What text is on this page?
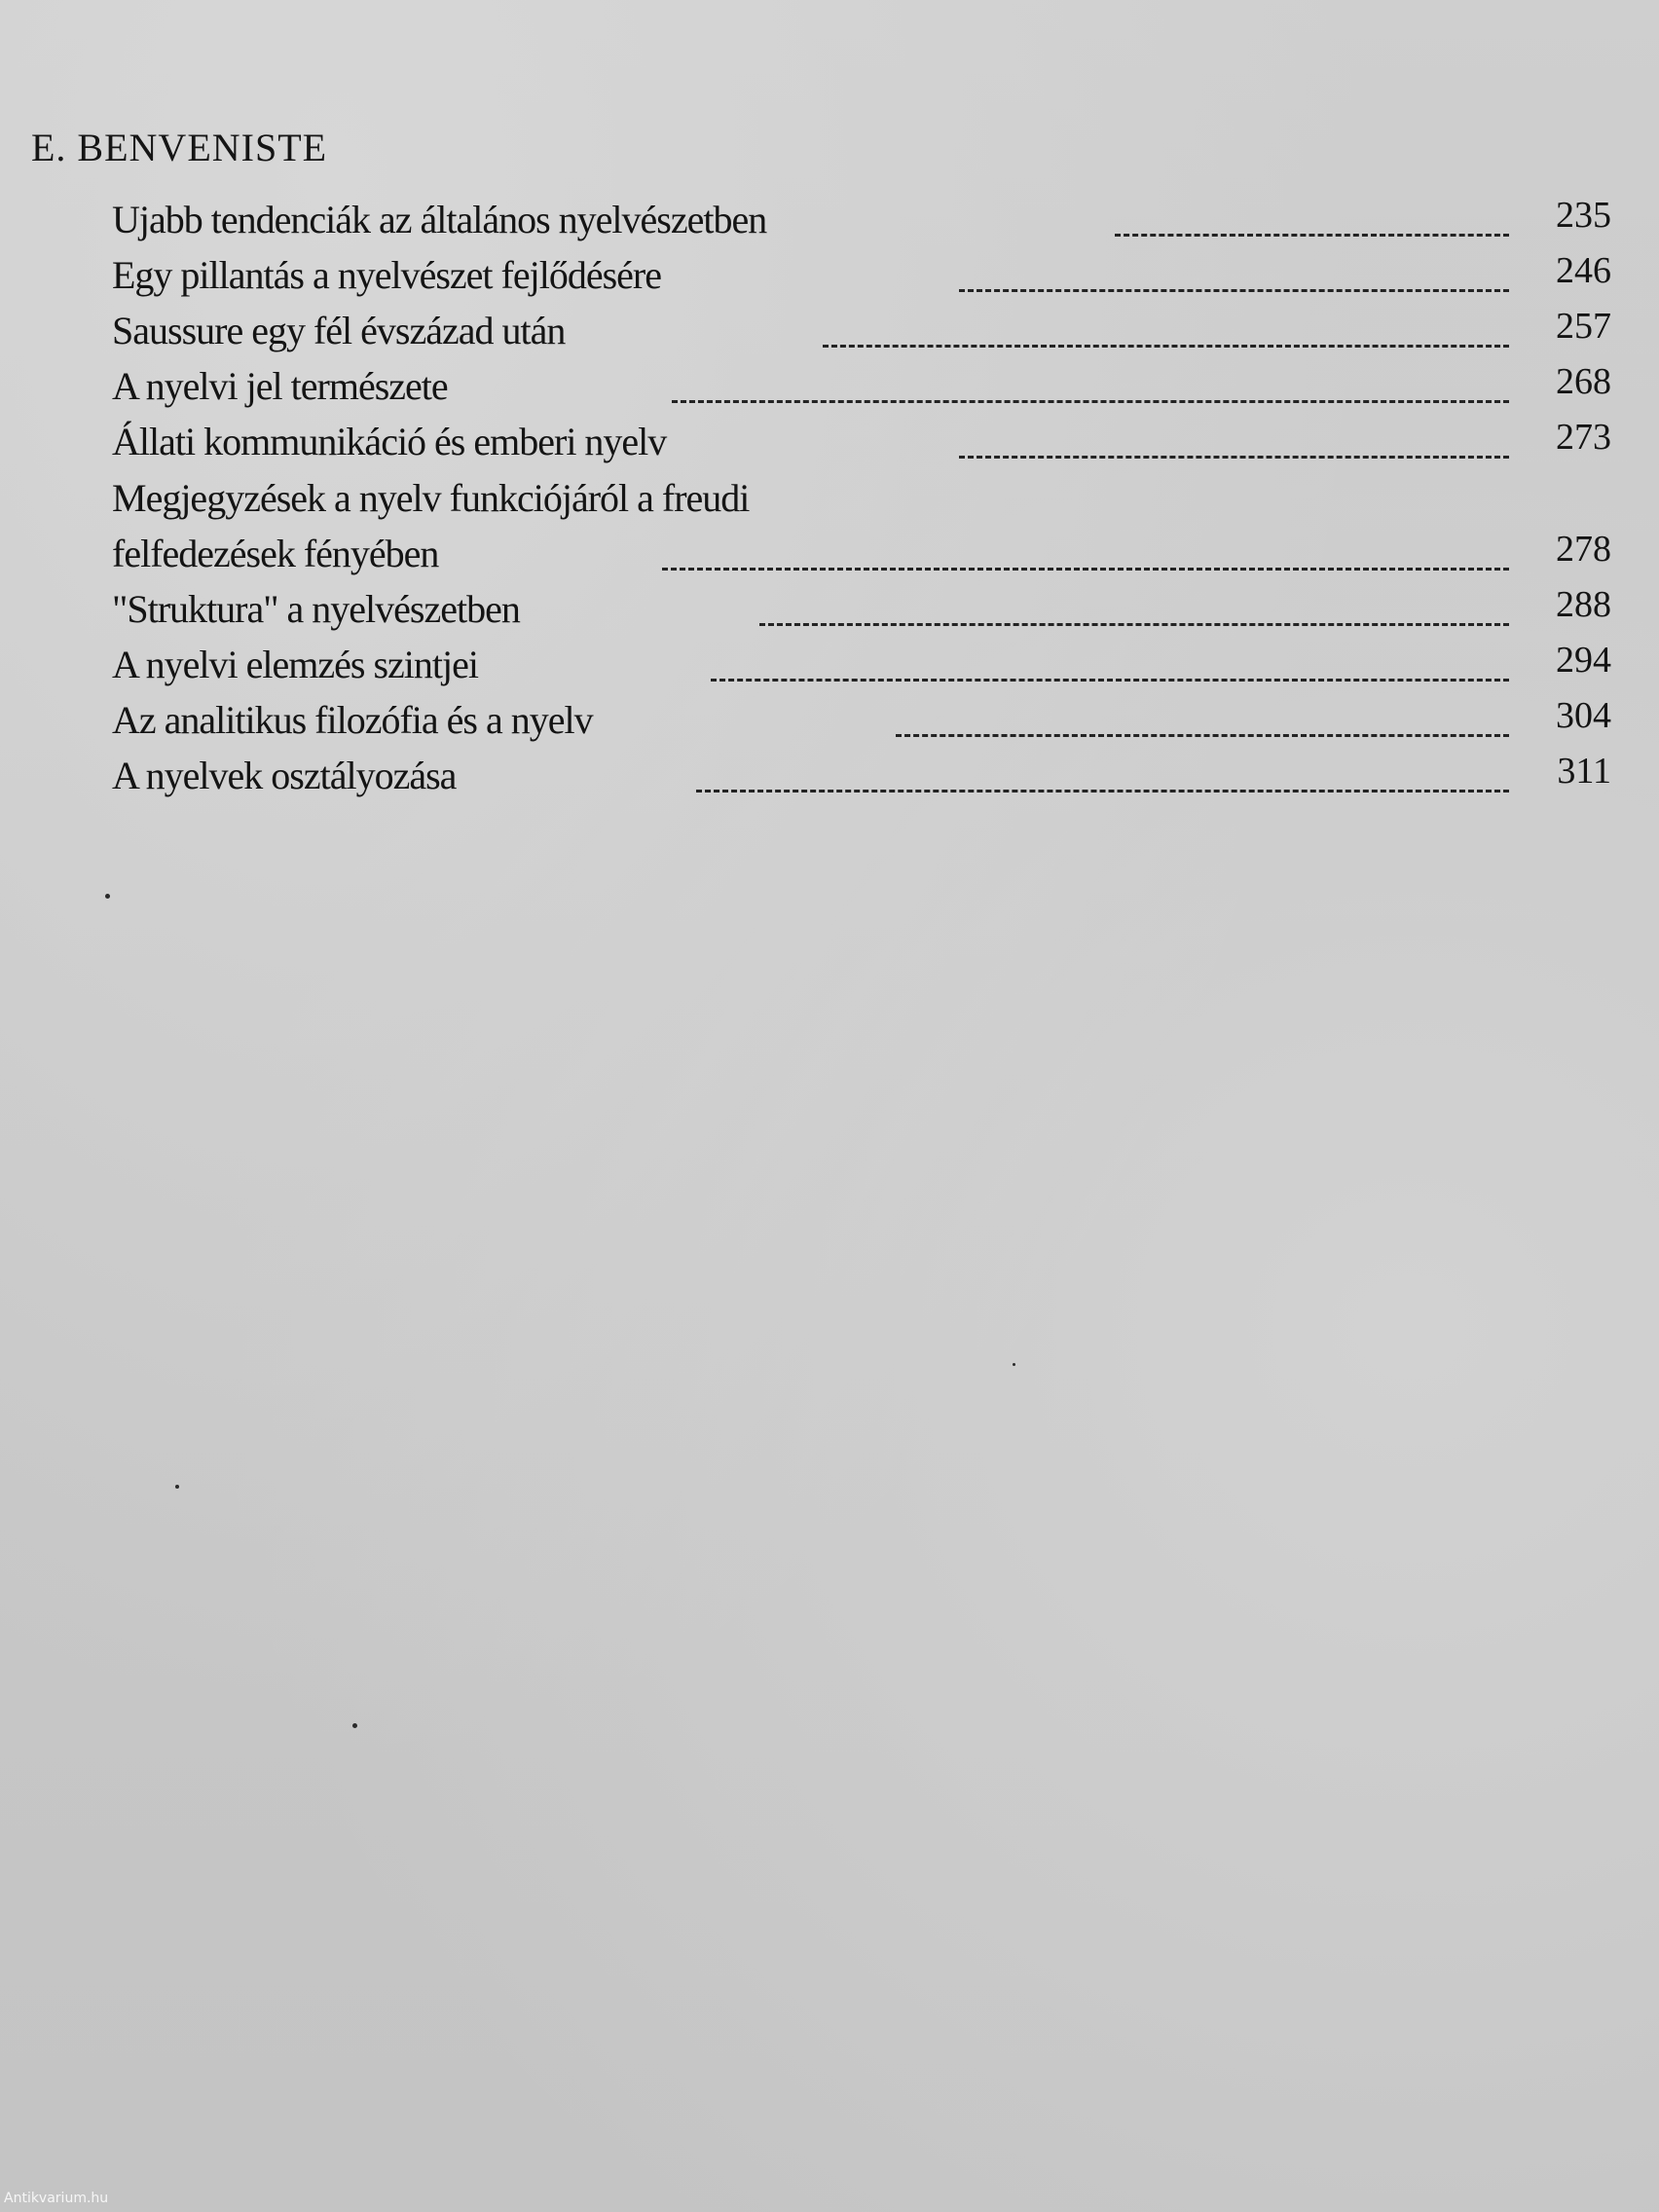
E. BENVENISTE
Ujabb tendenciák az általános nyelvészetben	235
Egy pillantás a nyelvészet fejlődésére	246
Saussure egy fél évszázad után	257
A nyelvi jel természete	268
Állati kommunikáció és emberi nyelv	273
Megjegyzések a nyelv funkciójáról a freudi
felfedezések fényében	278
"Struktura" a nyelvészetben	288
A nyelvi elemzés szintjei	294
Az analitikus filozófia és a nyelv	304
A nyelvek osztályozása	311
Antikvarium.hu
